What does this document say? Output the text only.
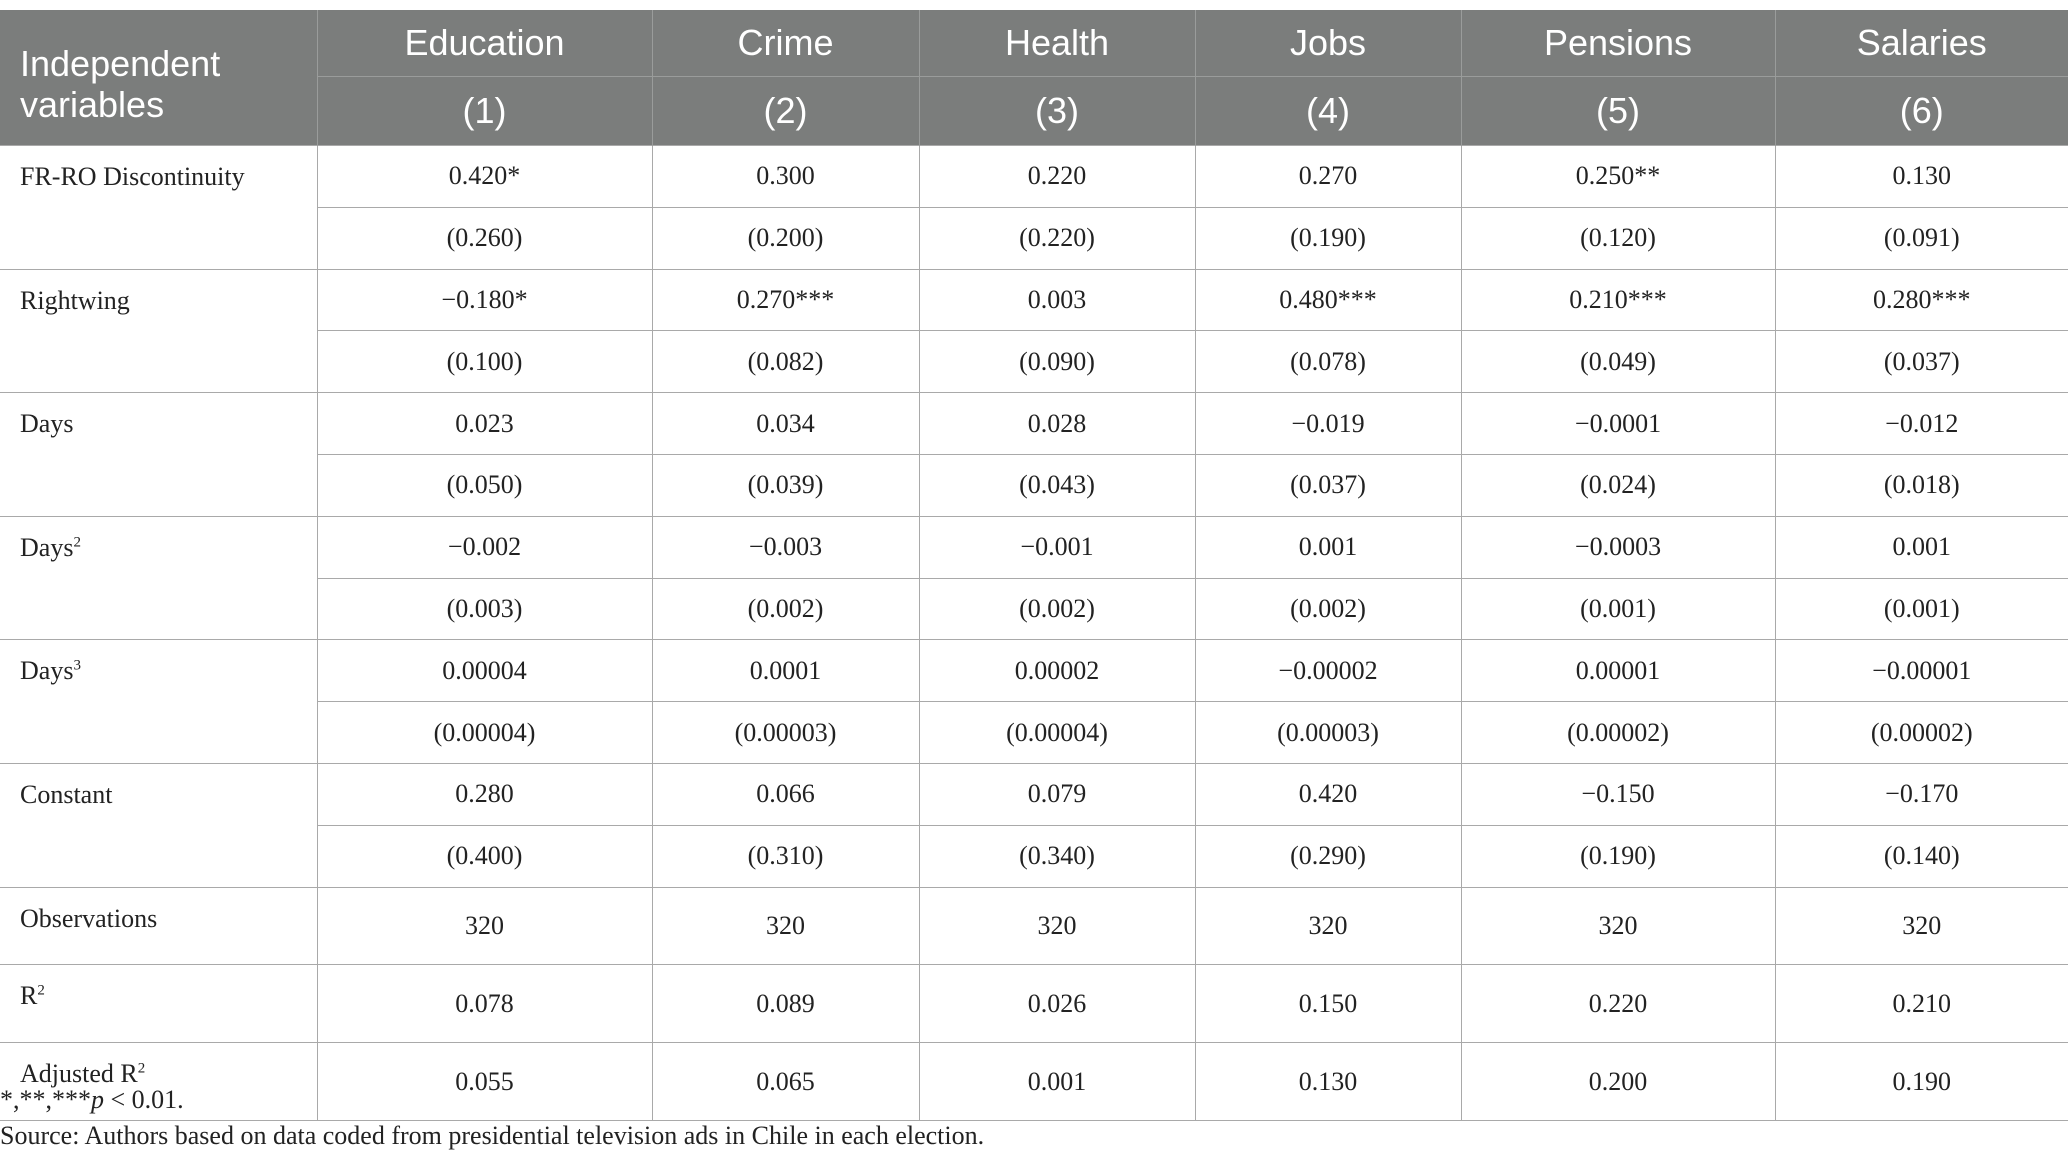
Independent variables	Education	Crime	Health	Jobs	Pensions	Salaries
	(1)	(2)	(3)	(4)	(5)	(6)
FR-RO Discontinuity	0.420*	0.300	0.220	0.270	0.250**	0.130
	(0.260)	(0.200)	(0.220)	(0.190)	(0.120)	(0.091)
Rightwing	−0.180*	0.270***	0.003	0.480***	0.210***	0.280***
	(0.100)	(0.082)	(0.090)	(0.078)	(0.049)	(0.037)
Days	0.023	0.034	0.028	−0.019	−0.0001	−0.012
	(0.050)	(0.039)	(0.043)	(0.037)	(0.024)	(0.018)
Days$^2$	−0.002	−0.003	−0.001	0.001	−0.0003	0.001
	(0.003)	(0.002)	(0.002)	(0.002)	(0.001)	(0.001)
Days$^3$	0.00004	0.0001	0.00002	−0.00002	0.00001	−0.00001
	(0.00004)	(0.00003)	(0.00004)	(0.00003)	(0.00002)	(0.00002)
Constant	0.280	0.066	0.079	0.420	−0.150	−0.170
	(0.400)	(0.310)	(0.340)	(0.290)	(0.190)	(0.140)
Observations	320	320	320	320	320	320
$R^2$	0.078	0.089	0.026	0.150	0.220	0.210
Adjusted $R^2$	0.055	0.065	0.001	0.130	0.200	0.190
*,**,***p < 0.01.
Source: Authors based on data coded from presidential television ads in Chile in each election.
